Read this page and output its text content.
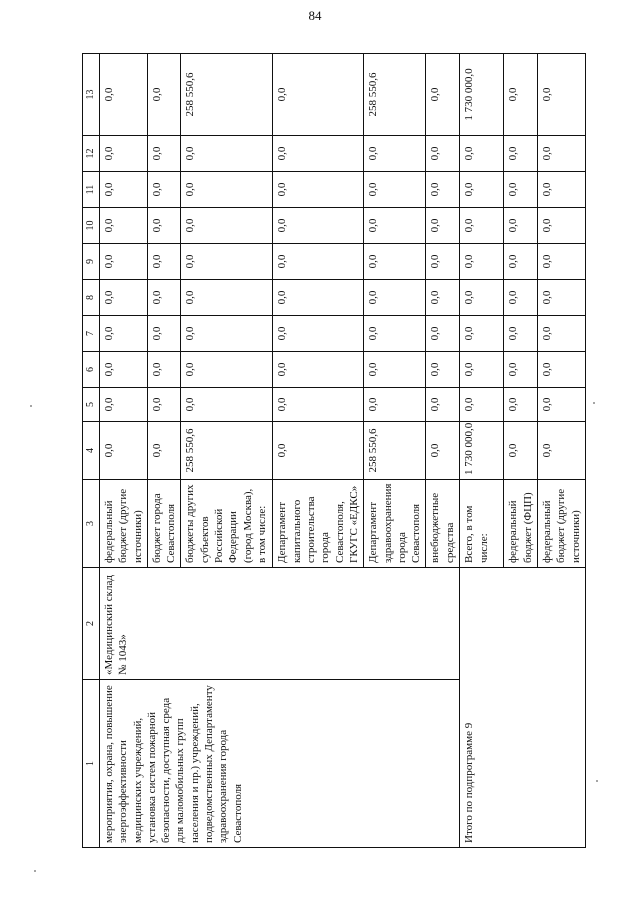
84
1	2	3	4	5	6	7	8	9	10	11	12	13
мероприятия, охрана, повышение энергоэффективности медицинских учреждений, установка систем пожарной безопасности, доступная среда для маломобильных групп населения и пр.) учреждений, подведомственных Департаменту здравоохранения города Севастополя	«Медицинский склад № 1043»	федеральный бюджет (другие источники)	0,0	0,0	0,0	0,0	0,0	0,0	0,0	0,0	0,0	0,0
		бюджет города Севастополя	0,0	0,0	0,0	0,0	0,0	0,0	0,0	0,0	0,0	0,0
		бюджеты других субъектов Российской Федерации (город Москва), в том числе:	258 550,6	0,0	0,0	0,0	0,0	0,0	0,0	0,0	0,0	258 550,6
		Департамент капитального строительства города Севастополя, ГКУГС «ЕДКС»	0,0	0,0	0,0	0,0	0,0	0,0	0,0	0,0	0,0	0,0
		Департамент здравоохранения города Севастополя	258 550,6	0,0	0,0	0,0	0,0	0,0	0,0	0,0	0,0	258 550,6
		внебюджетные средства	0,0	0,0	0,0	0,0	0,0	0,0	0,0	0,0	0,0	0,0
Итого по подпрограмме 9		Всего, в том числе:	1 730 000,0	0,0	0,0	0,0	0,0	0,0	0,0	0,0	0,0	1 730 000,0
		федеральный бюджет (ФЦП)	0,0	0,0	0,0	0,0	0,0	0,0	0,0	0,0	0,0	0,0
		федеральный бюджет (другие источники)	0,0	0,0	0,0	0,0	0,0	0,0	0,0	0,0	0,0	0,0
